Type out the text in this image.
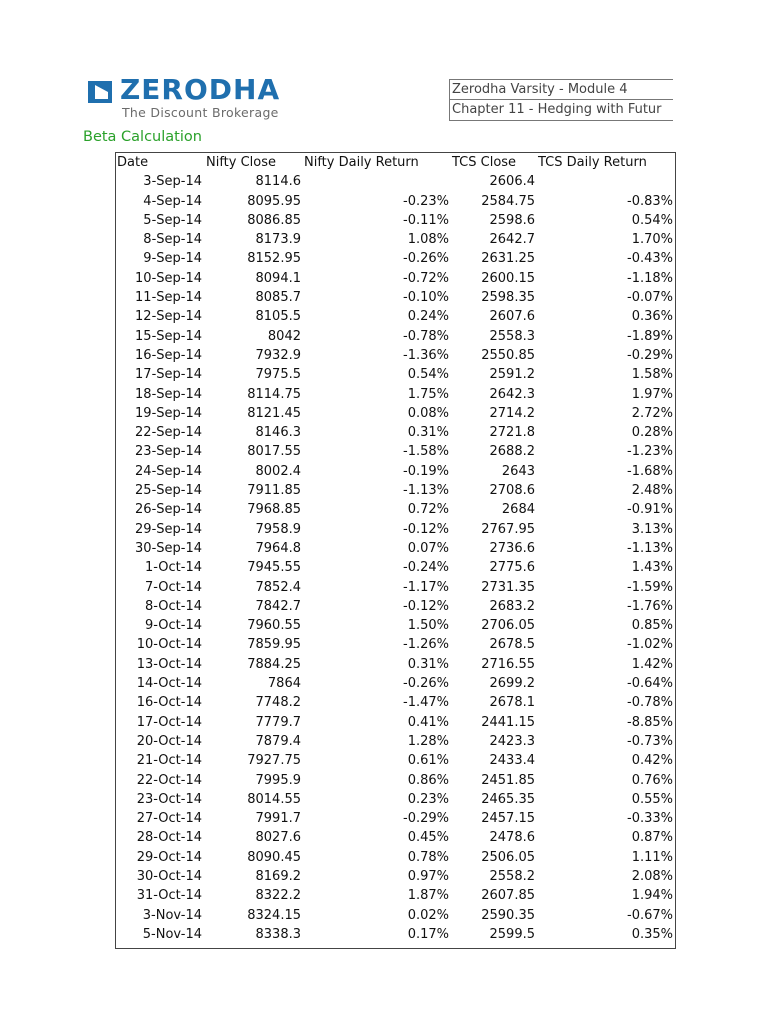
ZERODHA
The Discount Brokerage
Zerodha Varsity - Module 4
Chapter 11 - Hedging with Futur
Beta Calculation
Date	Nifty Close	Nifty Daily Return	TCS Close	TCS Daily Return
3-Sep-14	8114.6		2606.4	
4-Sep-14	8095.95	-0.23%	2584.75	-0.83%
5-Sep-14	8086.85	-0.11%	2598.6	0.54%
8-Sep-14	8173.9	1.08%	2642.7	1.70%
9-Sep-14	8152.95	-0.26%	2631.25	-0.43%
10-Sep-14	8094.1	-0.72%	2600.15	-1.18%
11-Sep-14	8085.7	-0.10%	2598.35	-0.07%
12-Sep-14	8105.5	0.24%	2607.6	0.36%
15-Sep-14	8042	-0.78%	2558.3	-1.89%
16-Sep-14	7932.9	-1.36%	2550.85	-0.29%
17-Sep-14	7975.5	0.54%	2591.2	1.58%
18-Sep-14	8114.75	1.75%	2642.3	1.97%
19-Sep-14	8121.45	0.08%	2714.2	2.72%
22-Sep-14	8146.3	0.31%	2721.8	0.28%
23-Sep-14	8017.55	-1.58%	2688.2	-1.23%
24-Sep-14	8002.4	-0.19%	2643	-1.68%
25-Sep-14	7911.85	-1.13%	2708.6	2.48%
26-Sep-14	7968.85	0.72%	2684	-0.91%
29-Sep-14	7958.9	-0.12%	2767.95	3.13%
30-Sep-14	7964.8	0.07%	2736.6	-1.13%
1-Oct-14	7945.55	-0.24%	2775.6	1.43%
7-Oct-14	7852.4	-1.17%	2731.35	-1.59%
8-Oct-14	7842.7	-0.12%	2683.2	-1.76%
9-Oct-14	7960.55	1.50%	2706.05	0.85%
10-Oct-14	7859.95	-1.26%	2678.5	-1.02%
13-Oct-14	7884.25	0.31%	2716.55	1.42%
14-Oct-14	7864	-0.26%	2699.2	-0.64%
16-Oct-14	7748.2	-1.47%	2678.1	-0.78%
17-Oct-14	7779.7	0.41%	2441.15	-8.85%
20-Oct-14	7879.4	1.28%	2423.3	-0.73%
21-Oct-14	7927.75	0.61%	2433.4	0.42%
22-Oct-14	7995.9	0.86%	2451.85	0.76%
23-Oct-14	8014.55	0.23%	2465.35	0.55%
27-Oct-14	7991.7	-0.29%	2457.15	-0.33%
28-Oct-14	8027.6	0.45%	2478.6	0.87%
29-Oct-14	8090.45	0.78%	2506.05	1.11%
30-Oct-14	8169.2	0.97%	2558.2	2.08%
31-Oct-14	8322.2	1.87%	2607.85	1.94%
3-Nov-14	8324.15	0.02%	2590.35	-0.67%
5-Nov-14	8338.3	0.17%	2599.5	0.35%
